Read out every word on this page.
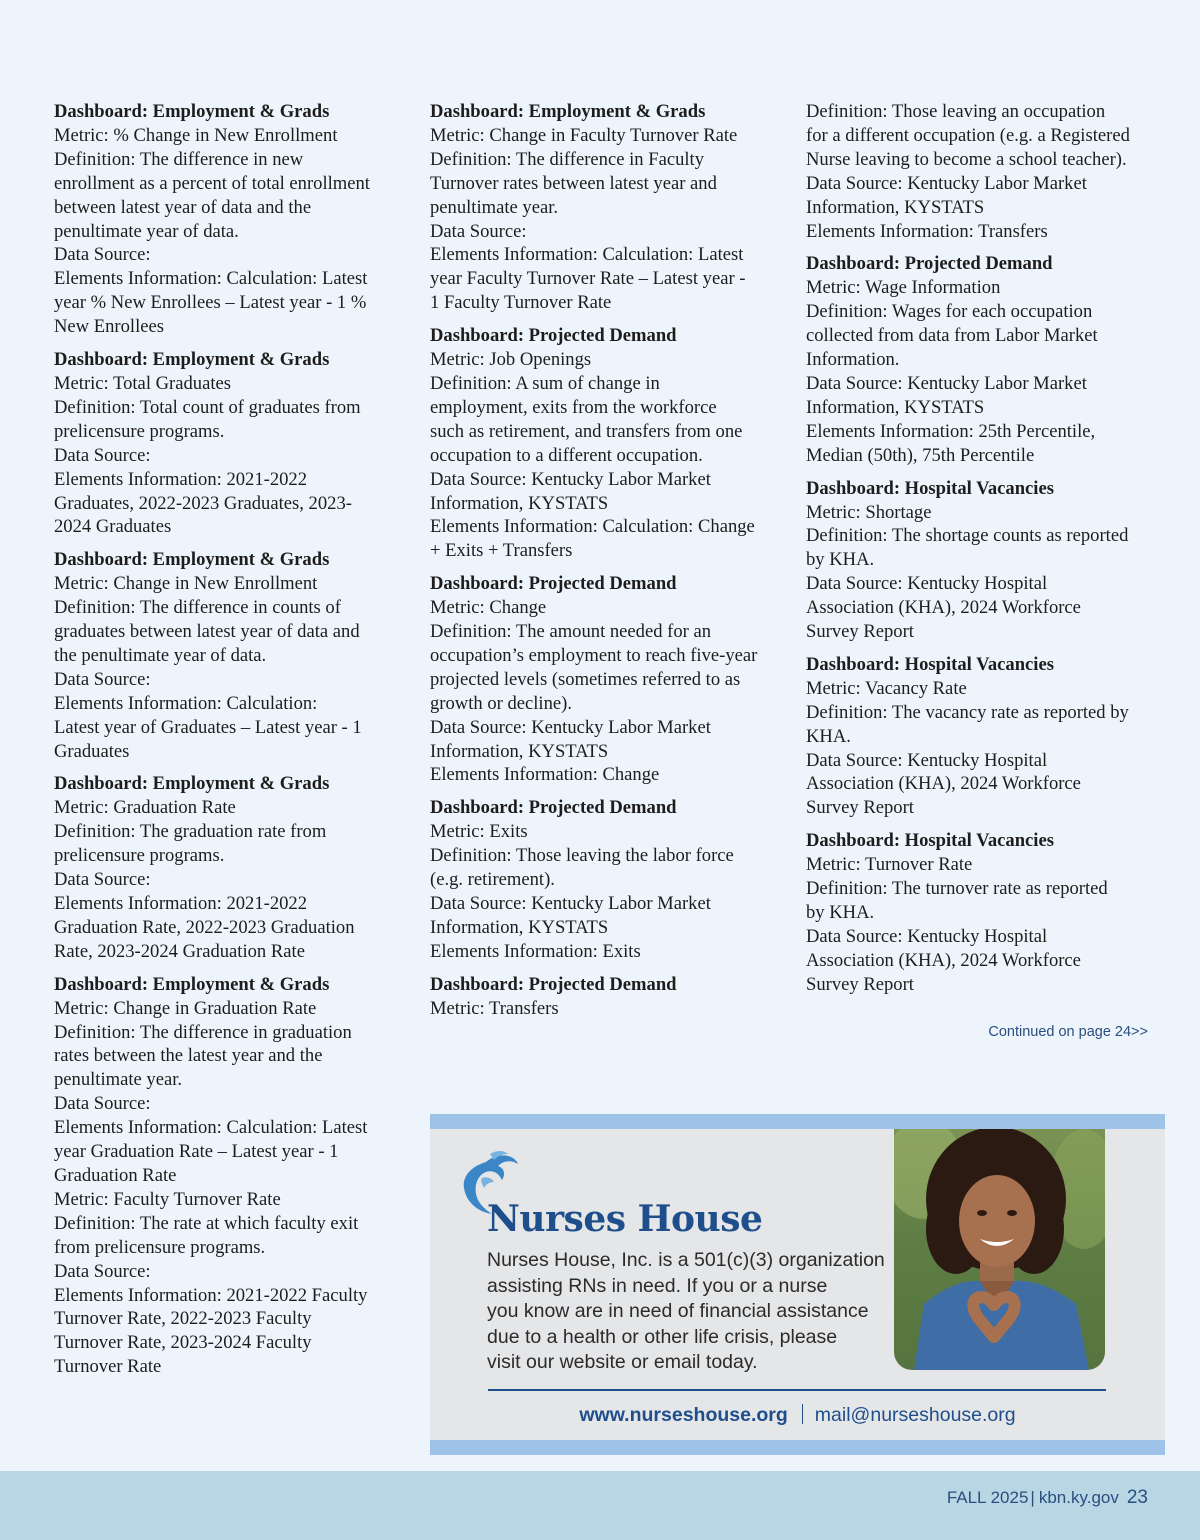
Dashboard: Employment & Grads
Metric: % Change in New Enrollment
Definition: The difference in new
enrollment as a percent of total enrollment
between latest year of data and the
penultimate year of data.
Data Source:
Elements Information: Calculation: Latest
year % New Enrollees – Latest year - 1 %
New Enrollees
Dashboard: Employment & Grads
Metric: Total Graduates
Definition: Total count of graduates from
prelicensure programs.
Data Source:
Elements Information: 2021-2022
Graduates, 2022-2023 Graduates, 2023-
2024 Graduates
Dashboard: Employment & Grads
Metric: Change in New Enrollment
Definition: The difference in counts of
graduates between latest year of data and
the penultimate year of data.
Data Source:
Elements Information: Calculation:
Latest year of Graduates – Latest year - 1
Graduates
Dashboard: Employment & Grads
Metric: Graduation Rate
Definition: The graduation rate from
prelicensure programs.
Data Source:
Elements Information: 2021-2022
Graduation Rate, 2022-2023 Graduation
Rate, 2023-2024 Graduation Rate
Dashboard: Employment & Grads
Metric: Change in Graduation Rate
Definition: The difference in graduation
rates between the latest year and the
penultimate year.
Data Source:
Elements Information: Calculation: Latest
year Graduation Rate – Latest year - 1
Graduation Rate
Metric: Faculty Turnover Rate
Definition: The rate at which faculty exit
from prelicensure programs.
Data Source:
Elements Information: 2021-2022 Faculty
Turnover Rate, 2022-2023 Faculty
Turnover Rate, 2023-2024 Faculty
Turnover Rate
Dashboard: Employment & Grads
Metric: Change in Faculty Turnover Rate
Definition: The difference in Faculty
Turnover rates between latest year and
penultimate year.
Data Source:
Elements Information: Calculation: Latest
year Faculty Turnover Rate – Latest year -
1 Faculty Turnover Rate
Dashboard: Projected Demand
Metric: Job Openings
Definition: A sum of change in
employment, exits from the workforce
such as retirement, and transfers from one
occupation to a different occupation.
Data Source: Kentucky Labor Market
Information, KYSTATS
Elements Information: Calculation: Change
+ Exits + Transfers
Dashboard: Projected Demand
Metric: Change
Definition: The amount needed for an
occupation’s employment to reach five-year
projected levels (sometimes referred to as
growth or decline).
Data Source: Kentucky Labor Market
Information, KYSTATS
Elements Information: Change
Dashboard: Projected Demand
Metric: Exits
Definition: Those leaving the labor force
(e.g. retirement).
Data Source: Kentucky Labor Market
Information, KYSTATS
Elements Information: Exits
Dashboard: Projected Demand
Metric: Transfers
Definition: Those leaving an occupation
for a different occupation (e.g. a Registered
Nurse leaving to become a school teacher).
Data Source: Kentucky Labor Market
Information, KYSTATS
Elements Information: Transfers
Dashboard: Projected Demand
Metric: Wage Information
Definition: Wages for each occupation
collected from data from Labor Market
Information.
Data Source: Kentucky Labor Market
Information, KYSTATS
Elements Information: 25th Percentile,
Median (50th), 75th Percentile
Dashboard: Hospital Vacancies
Metric: Shortage
Definition: The shortage counts as reported
by KHA.
Data Source: Kentucky Hospital
Association (KHA), 2024 Workforce
Survey Report
Dashboard: Hospital Vacancies
Metric: Vacancy Rate
Definition: The vacancy rate as reported by
KHA.
Data Source: Kentucky Hospital
Association (KHA), 2024 Workforce
Survey Report
Dashboard: Hospital Vacancies
Metric: Turnover Rate
Definition: The turnover rate as reported
by KHA.
Data Source: Kentucky Hospital
Association (KHA), 2024 Workforce
Survey Report
Continued on page 24>>
Nurses House
Nurses House, Inc. is a 501(c)(3) organization
assisting RNs in need. If you or a nurse
you know are in need of financial assistance
due to a health or other life crisis, please
visit our website or email today.
www.nurseshouse.org mail@nurseshouse.org
FALL 2025 | kbn.ky.gov 23
